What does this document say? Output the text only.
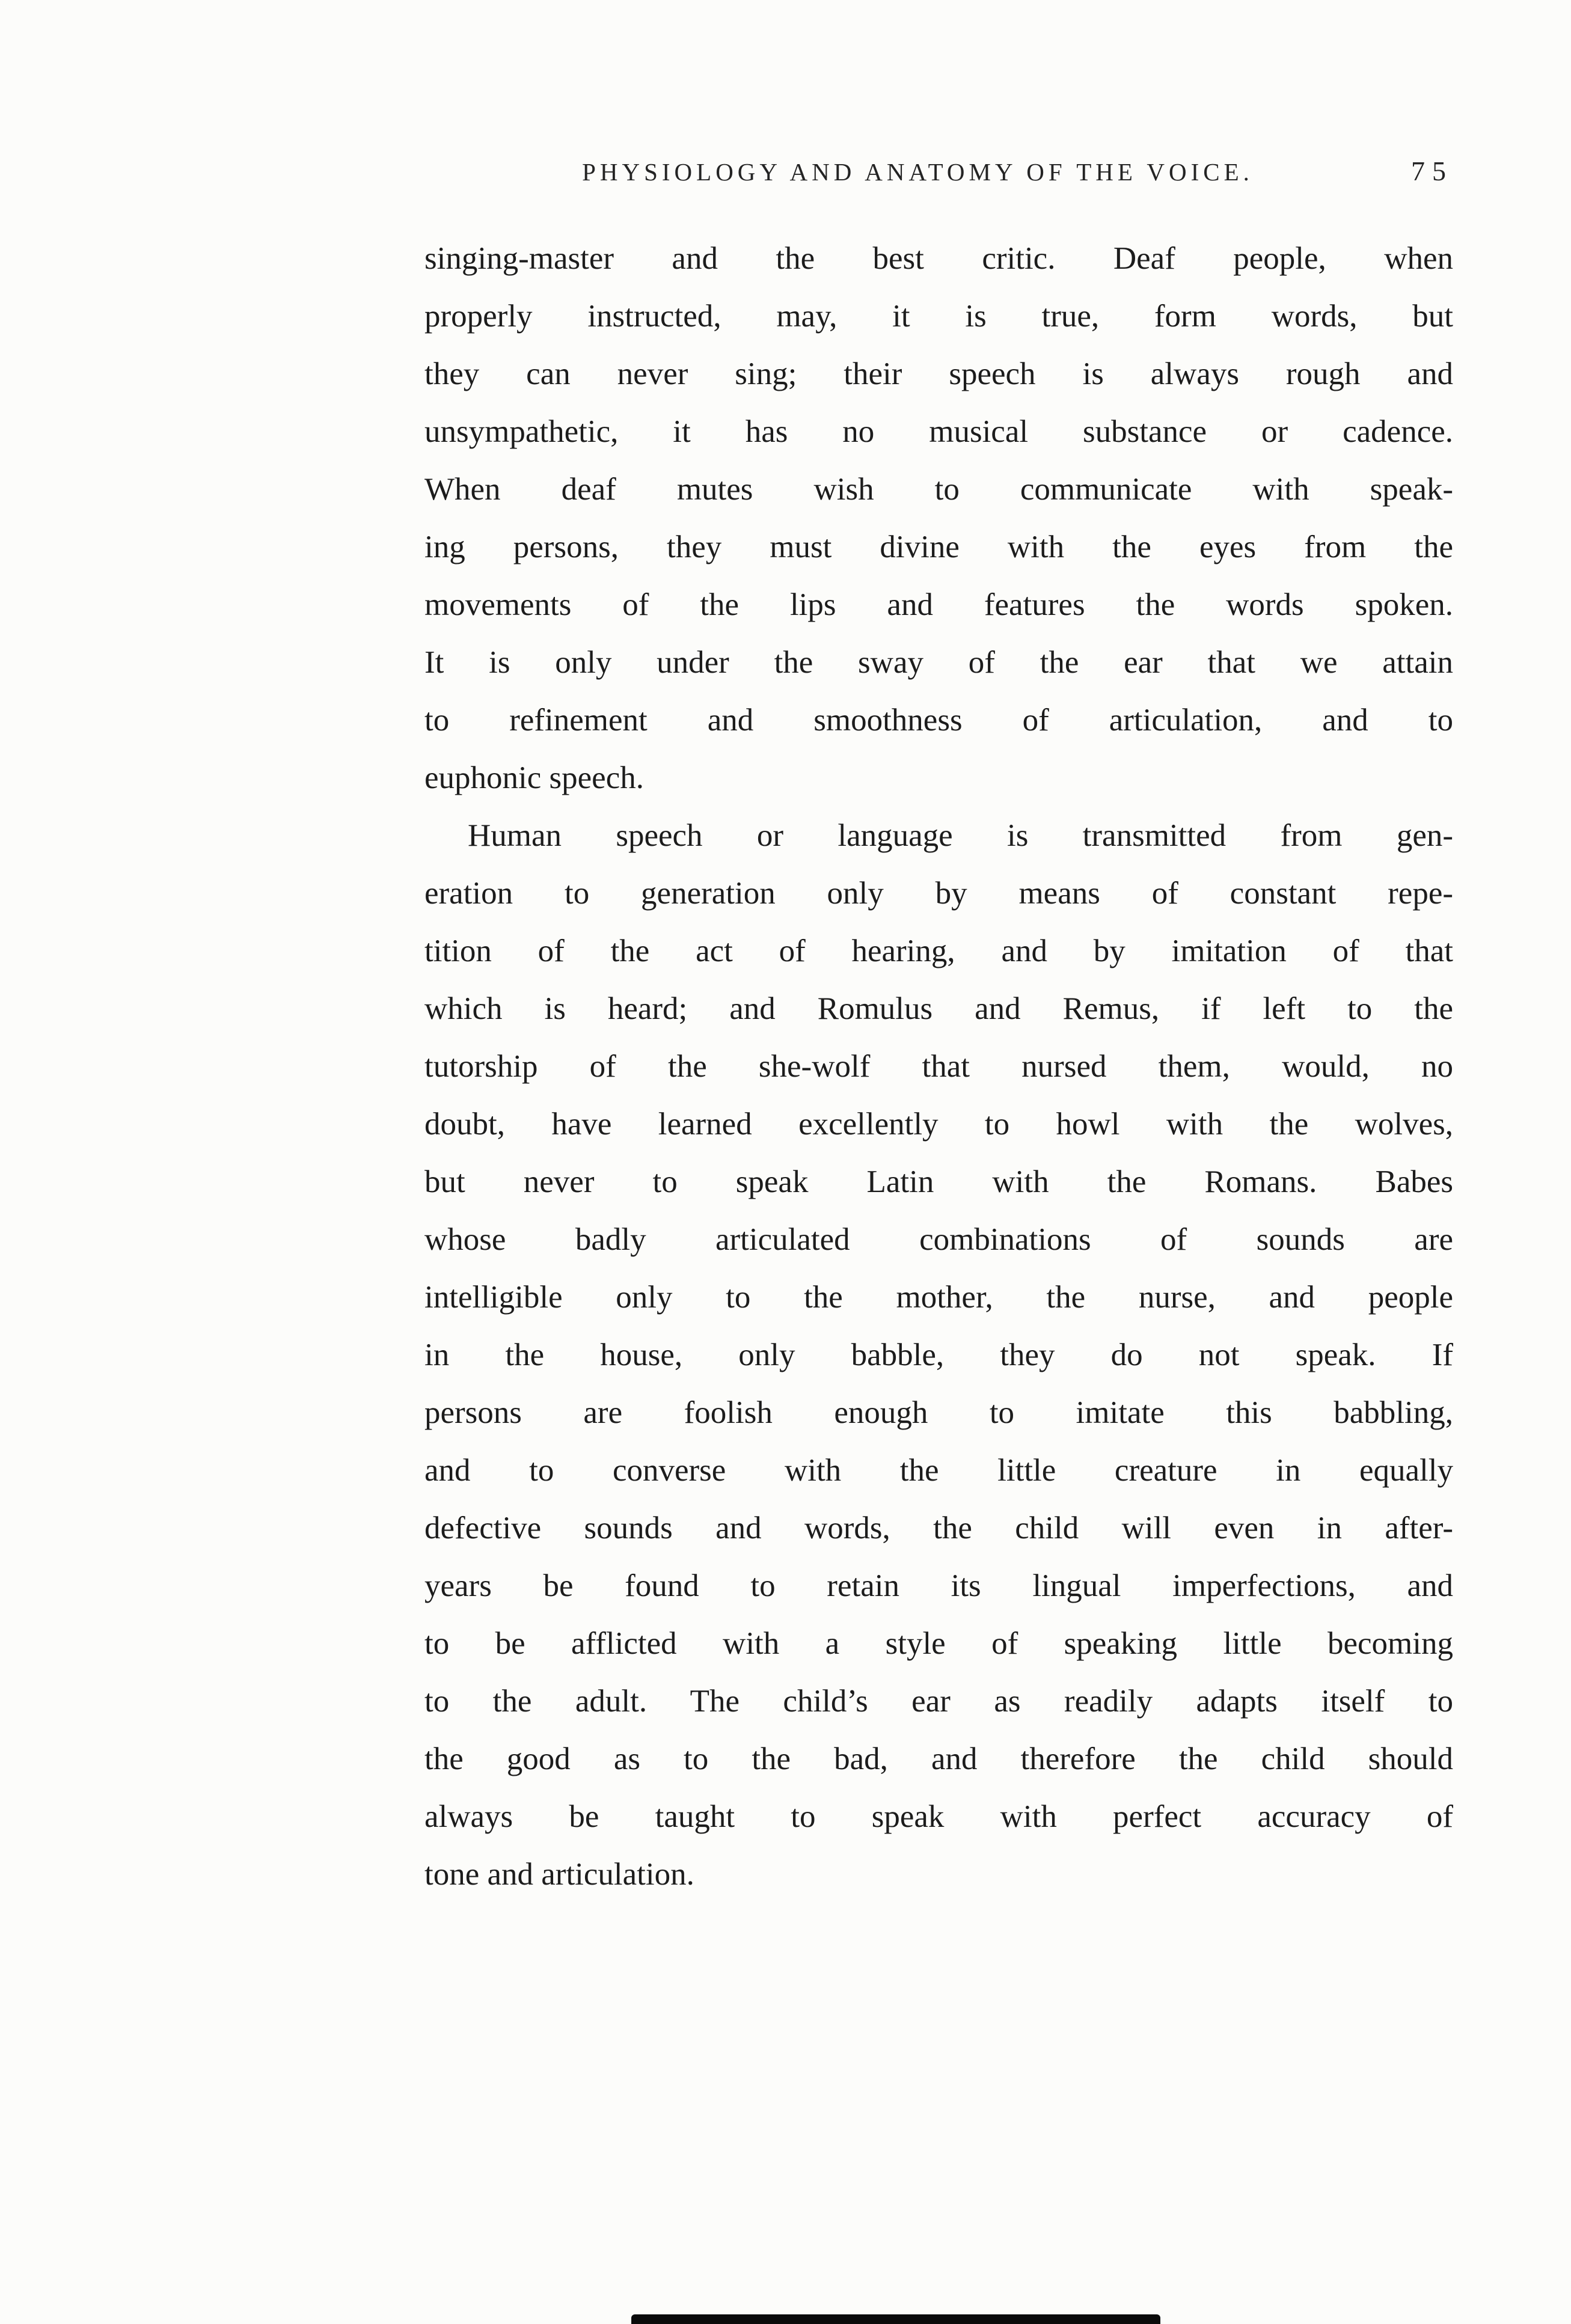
PHYSIOLOGY AND ANATOMY OF THE VOICE.	75
singing-master and the best critic. Deaf people, when
properly instructed, may, it is true, form words, but
they can never sing; their speech is always rough and
unsympathetic, it has no musical substance or cadence.
When deaf mutes wish to communicate with speak-
ing persons, they must divine with the eyes from the
movements of the lips and features the words spoken.
It is only under the sway of the ear that we attain
to refinement and smoothness of articulation, and to
euphonic speech.
Human speech or language is transmitted from gen-
eration to generation only by means of constant repe-
tition of the act of hearing, and by imitation of that
which is heard; and Romulus and Remus, if left to the
tutorship of the she-wolf that nursed them, would, no
doubt, have learned excellently to howl with the wolves,
but never to speak Latin with the Romans. Babes
whose badly articulated combinations of sounds are
intelligible only to the mother, the nurse, and people
in the house, only babble, they do not speak. If
persons are foolish enough to imitate this babbling,
and to converse with the little creature in equally
defective sounds and words, the child will even in after-
years be found to retain its lingual imperfections, and
to be afflicted with a style of speaking little becoming
to the adult. The child’s ear as readily adapts itself to
the good as to the bad, and therefore the child should
always be taught to speak with perfect accuracy of
tone and articulation.
